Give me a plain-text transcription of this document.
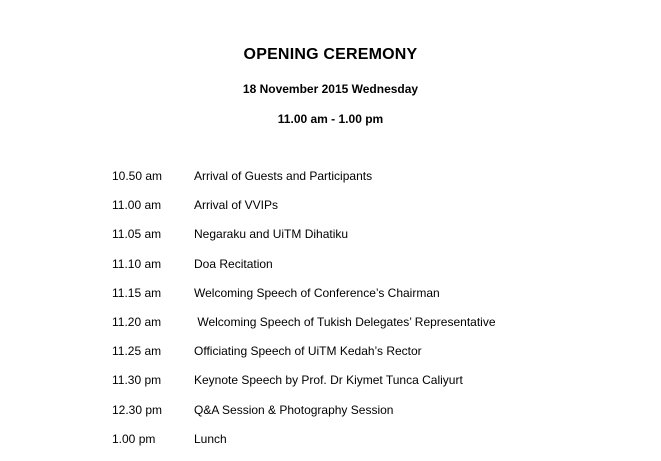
OPENING CEREMONY
18 November 2015 Wednesday
11.00 am - 1.00 pm
10.50 am	Arrival of Guests and Participants
11.00 am	Arrival of VVIPs
11.05 am	Negaraku and UiTM Dihatiku
11.10 am	Doa Recitation
11.15 am	Welcoming Speech of Conference’s Chairman
11.20 am	Welcoming Speech of Tukish Delegates’ Representative
11.25 am	Officiating Speech of UiTM Kedah’s Rector
11.30 pm	Keynote Speech by Prof. Dr Kiymet Tunca Caliyurt
12.30 pm	Q&A Session & Photography Session
1.00 pm	Lunch
